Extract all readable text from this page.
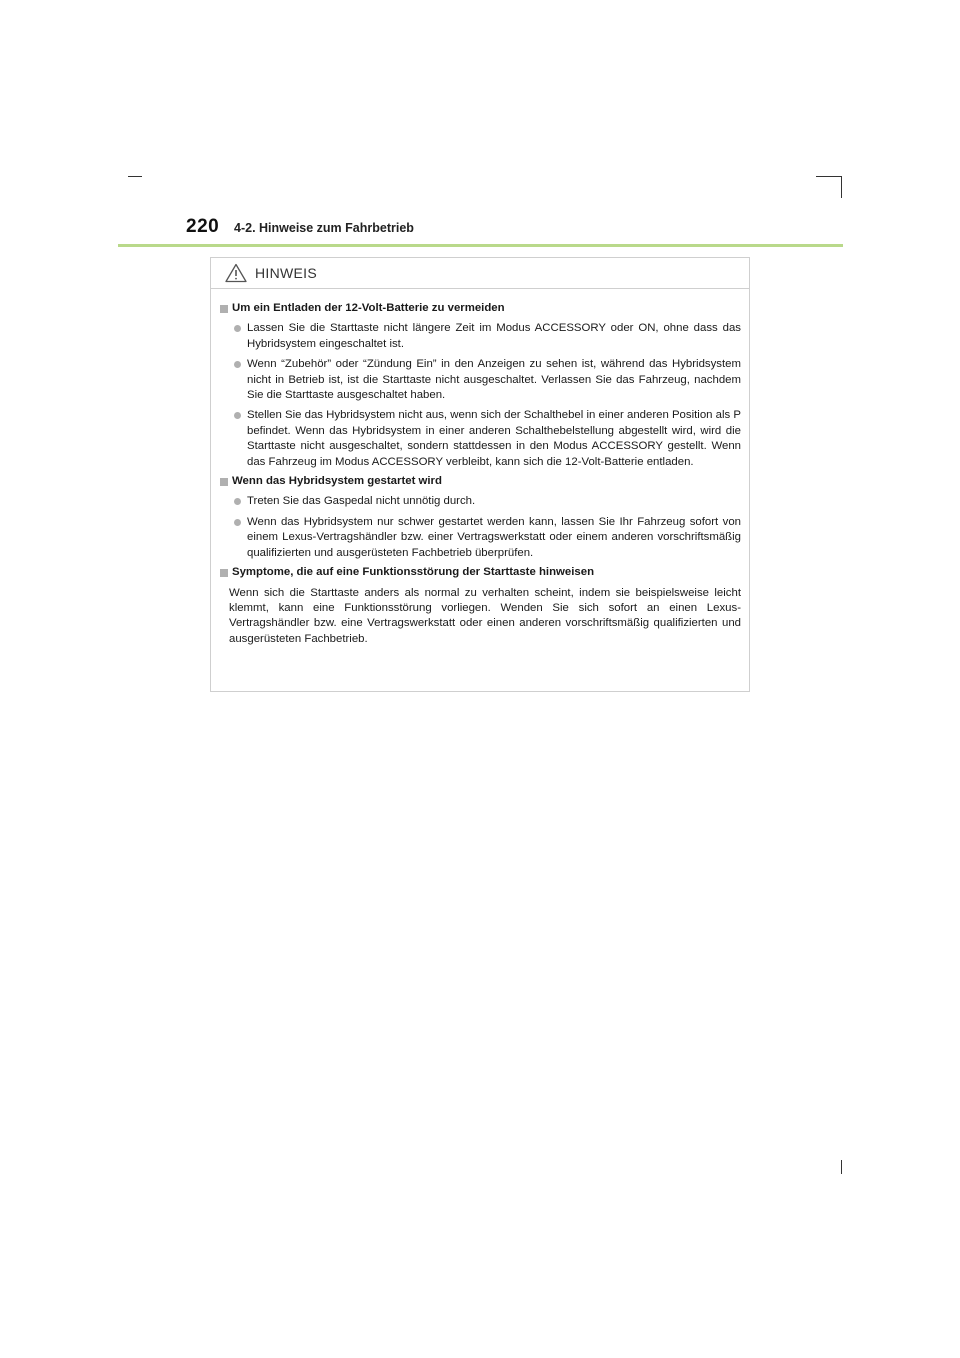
220 4-2. Hinweise zum Fahrbetrieb
HINWEIS
Um ein Entladen der 12-Volt-Batterie zu vermeiden
Lassen Sie die Starttaste nicht längere Zeit im Modus ACCESSORY oder ON, ohne dass das Hybridsystem eingeschaltet ist.
Wenn “Zubehör” oder “Zündung Ein” in den Anzeigen zu sehen ist, während das Hybridsystem nicht in Betrieb ist, ist die Starttaste nicht ausgeschaltet. Verlassen Sie das Fahrzeug, nachdem Sie die Starttaste ausgeschaltet haben.
Stellen Sie das Hybridsystem nicht aus, wenn sich der Schalthebel in einer anderen Position als P befindet. Wenn das Hybridsystem in einer anderen Schalthebelstellung abgestellt wird, wird die Starttaste nicht ausgeschaltet, sondern stattdessen in den Modus ACCESSORY gestellt. Wenn das Fahrzeug im Modus ACCESSORY verbleibt, kann sich die 12-Volt-Batterie entladen.
Wenn das Hybridsystem gestartet wird
Treten Sie das Gaspedal nicht unnötig durch.
Wenn das Hybridsystem nur schwer gestartet werden kann, lassen Sie Ihr Fahrzeug sofort von einem Lexus-Vertragshändler bzw. einer Vertragswerkstatt oder einem anderen vorschriftsmäßig qualifizierten und ausgerüsteten Fachbetrieb überprüfen.
Symptome, die auf eine Funktionsstörung der Starttaste hinweisen
Wenn sich die Starttaste anders als normal zu verhalten scheint, indem sie beispielsweise leicht klemmt, kann eine Funktionsstörung vorliegen. Wenden Sie sich sofort an einen Lexus-Vertragshändler bzw. eine Vertragswerkstatt oder einen anderen vorschriftsmäßig qualifizierten und ausgerüsteten Fachbetrieb.
